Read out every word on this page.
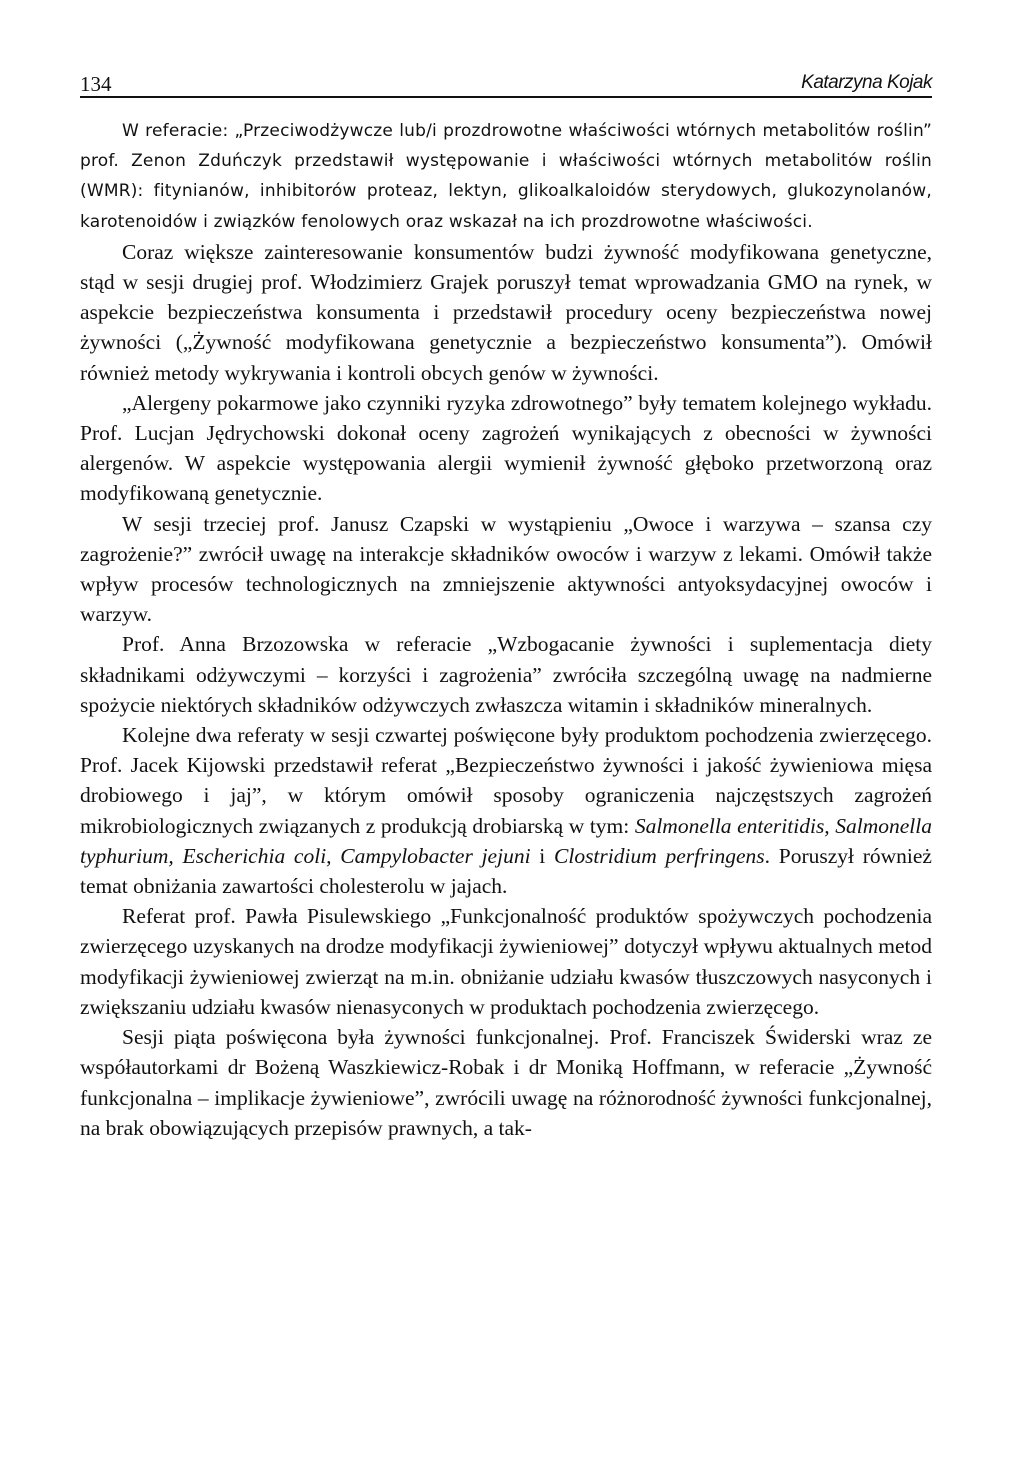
134	Katarzyna Kojak

W referacie: „Przeciwodżywcze lub/i prozdrowotne właściwości wtórnych metabolitów roślin” prof. Zenon Zduńczyk przedstawił występowanie i właściwości wtórnych metabolitów roślin (WMR): fitynianów, inhibitorów proteaz, lektyn, glikoalkaloidów sterydowych, glukozynolanów, karotenoidów i związków fenolowych oraz wskazał na ich prozdrowotne właściwości.

Coraz większe zainteresowanie konsumentów budzi żywność modyfikowana genetyczne, stąd w sesji drugiej prof. Włodzimierz Grajek poruszył temat wprowadzania GMO na rynek, w aspekcie bezpieczeństwa konsumenta i przedstawił procedury oceny bezpieczeństwa nowej żywności („Żywność modyfikowana genetycznie a bezpieczeństwo konsumenta”). Omówił również metody wykrywania i kontroli obcych genów w żywności.

„Alergeny pokarmowe jako czynniki ryzyka zdrowotnego” były tematem kolejnego wykładu. Prof. Lucjan Jędrychowski dokonał oceny zagrożeń wynikających z obecności w żywności alergenów. W aspekcie występowania alergii wymienił żywność głęboko przetworzoną oraz modyfikowaną genetycznie.

W sesji trzeciej prof. Janusz Czapski w wystąpieniu „Owoce i warzywa – szansa czy zagrożenie?” zwrócił uwagę na interakcje składników owoców i warzyw z lekami. Omówił także wpływ procesów technologicznych na zmniejszenie aktywności antyoksydacyjnej owoców i warzyw.

Prof. Anna Brzozowska w referacie „Wzbogacanie żywności i suplementacja diety składnikami odżywczymi – korzyści i zagrożenia” zwróciła szczególną uwagę na nadmierne spożycie niektórych składników odżywczych zwłaszcza witamin i składników mineralnych.

Kolejne dwa referaty w sesji czwartej poświęcone były produktom pochodzenia zwierzęcego. Prof. Jacek Kijowski przedstawił referat „Bezpieczeństwo żywności i jakość żywieniowa mięsa drobiowego i jaj”, w którym omówił sposoby ograniczenia najczęstszych zagrożeń mikrobiologicznych związanych z produkcją drobiarską w tym: Salmonella enteritidis, Salmonella typhurium, Escherichia coli, Campylobacter jejuni i Clostridium perfringens. Poruszył również temat obniżania zawartości cholesterolu w jajach.

Referat prof. Pawła Pisulewskiego „Funkcjonalność produktów spożywczych pochodzenia zwierzęcego uzyskanych na drodze modyfikacji żywieniowej” dotyczył wpływu aktualnych metod modyfikacji żywieniowej zwierząt na m.in. obniżanie udziału kwasów tłuszczowych nasyconych i zwiększaniu udziału kwasów nienasyconych w produktach pochodzenia zwierzęcego.

Sesji piąta poświęcona była żywności funkcjonalnej. Prof. Franciszek Świderski wraz ze współautorkami dr Bożeną Waszkiewicz-Robak i dr Moniką Hoffmann, w referacie „Żywność funkcjonalna – implikacje żywieniowe”, zwrócili uwagę na różnorodność żywności funkcjonalnej, na brak obowiązujących przepisów prawnych, a tak-
